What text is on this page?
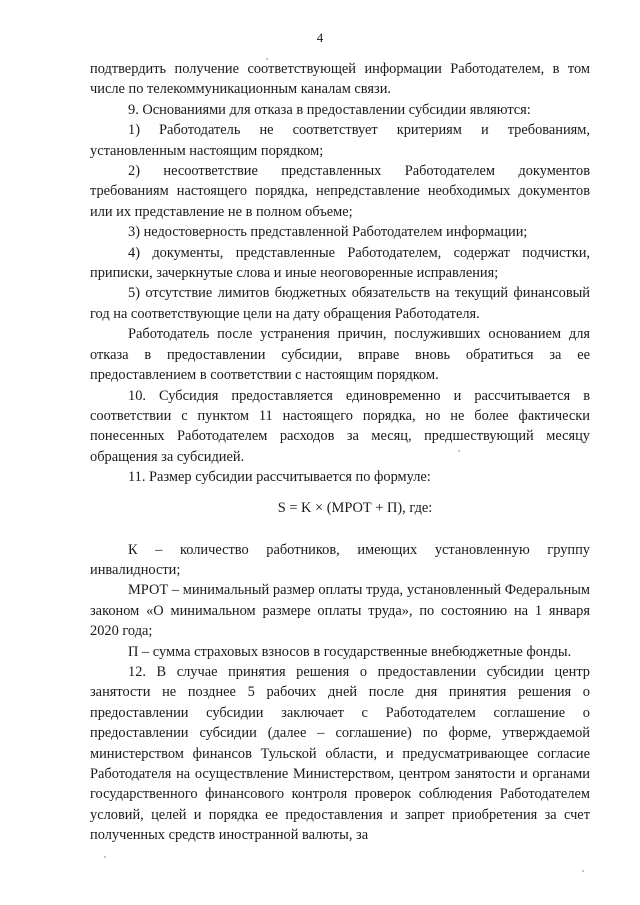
4

подтвердить получение соответствующей информации Работодателем, в том числе по телекоммуникационным каналам связи.

9. Основаниями для отказа в предоставлении субсидии являются:

1) Работодатель не соответствует критериям и требованиям, установленным настоящим порядком;

2) несоответствие представленных Работодателем документов требованиям настоящего порядка, непредставление необходимых документов или их представление не в полном объеме;

3) недостоверность представленной Работодателем информации;

4) документы, представленные Работодателем, содержат подчистки, приписки, зачеркнутые слова и иные неоговоренные исправления;

5) отсутствие лимитов бюджетных обязательств на текущий финансовый год на соответствующие цели на дату обращения Работодателя.

Работодатель после устранения причин, послуживших основанием для отказа в предоставлении субсидии, вправе вновь обратиться за ее предоставлением в соответствии с настоящим порядком.

10. Субсидия предоставляется единовременно и рассчитывается в соответствии с пунктом 11 настоящего порядка, но не более фактически понесенных Работодателем расходов за месяц, предшествующий месяцу обращения за субсидией.

11. Размер субсидии рассчитывается по формуле:

S = K × (МРОТ + П), где:

К – количество работников, имеющих установленную группу инвалидности;

МРОТ – минимальный размер оплаты труда, установленный Федеральным законом «О минимальном размере оплаты труда», по состоянию на 1 января 2020 года;

П – сумма страховых взносов в государственные внебюджетные фонды.

12. В случае принятия решения о предоставлении субсидии центр занятости не позднее 5 рабочих дней после дня принятия решения о предоставлении субсидии заключает с Работодателем соглашение о предоставлении субсидии (далее – соглашение) по форме, утверждаемой министерством финансов Тульской области, и предусматривающее согласие Работодателя на осуществление Министерством, центром занятости и органами государственного финансового контроля проверок соблюдения Работодателем условий, целей и порядка ее предоставления и запрет приобретения за счет полученных средств иностранной валюты, за
